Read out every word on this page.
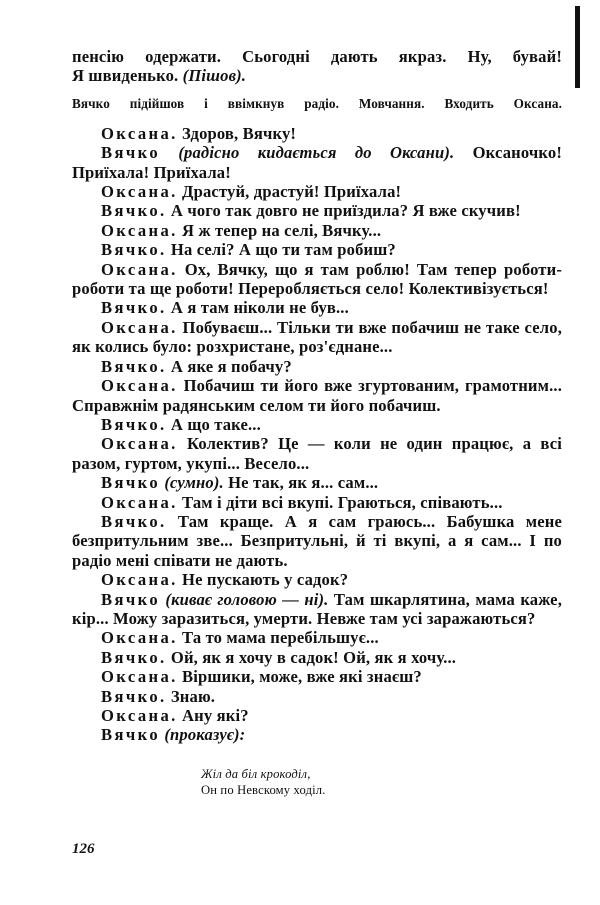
пенсію одержати. Сьогодні дають якраз. Ну, бувай!

Я швиденько. (Пішов).

Вячко підійшов і ввімкнув радіо. Мовчання. Входить Оксана.

Оксана. Здоров, Вячку!

Вячко (радісно кидається до Оксани). Оксаночко! Приїхала! Приїхала!

Оксана. Драстуй, драстуй! Приїхала!

Вячко. А чого так довго не приїздила? Я вже скучив!

Оксана. Я ж тепер на селі, Вячку...

Вячко. На селі? А що ти там робиш?

Оксана. Ох, Вячку, що я там роблю! Там тепер роботи-роботи та ще роботи! Переробляється село! Колективізується!

Вячко. А я там ніколи не був...

Оксана. Побуваєш... Тільки ти вже побачиш не таке село, як колись було: розхристане, роз'єднане...

Вячко. А яке я побачу?

Оксана. Побачиш ти його вже згуртованим, грамотним... Справжнім радянським селом ти його побачиш.

Вячко. А що таке...

Оксана. Колектив? Це — коли не один працює, а всі разом, гуртом, укупі... Весело...

Вячко (сумно). Не так, як я... сам...

Оксана. Там і діти всі вкупі. Граються, співають...

Вячко. Там краще. А я сам граюсь... Бабушка мене безпритульним зве... Безпритульні, й ті вкупі, а я сам... І по радіо мені співати не дають.

Оксана. Не пускають у садок?

Вячко (киває головою — ні). Там шкарлятина, мама каже, кір... Можу заразиться, умерти. Невже там усі заражаються?

Оксана. Та то мама перебільшує...

Вячко. Ой, як я хочу в садок! Ой, як я хочу...

Оксана. Віршики, може, вже які знаєш?

Вячко. Знаю.

Оксана. Ану які?

Вячко (проказує):

Жіл да біл крокоділ,
Он по Невскому ходіл.
126
